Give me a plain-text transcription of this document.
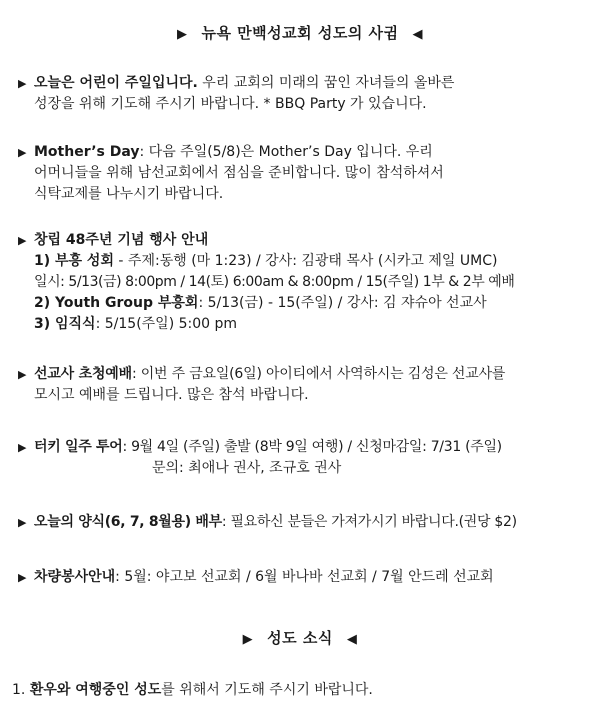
▶ 뉴욕 만백성교회 성도의 사귐 ◀
▶ 오늘은 어린이 주일입니다. 우리 교회의 미래의 꿈인 자녀들의 올바른
성장을 위해 기도해 주시기 바랍니다. * BBQ Party 가 있습니다.
▶ Mother’s Day: 다음 주일(5/8)은 Mother’s Day 입니다. 우리
어머니들을 위해 남선교회에서 점심을 준비합니다. 많이 참석하셔서
식탁교제를 나누시기 바랍니다.
▶ 창립 48주년 기념 행사 안내
1) 부흥 성회 - 주제:동행 (마 1:23) / 강사: 김광태 목사 (시카고 제일 UMC)
일시: 5/13(금) 8:00pm / 14(토) 6:00am & 8:00pm / 15(주일) 1부 & 2부 예배
2) Youth Group 부흥회: 5/13(금) - 15(주일) / 강사: 김 쟈슈아 선교사
3) 임직식: 5/15(주일) 5:00 pm
▶ 선교사 초청예배: 이번 주 금요일(6일) 아이티에서 사역하시는 김성은 선교사를
모시고 예배를 드립니다. 많은 참석 바랍니다.
▶ 터키 일주 투어: 9월 4일 (주일) 출발 (8박 9일 여행) / 신청마감일: 7/31 (주일)
문의: 최애나 권사, 조규호 권사
▶ 오늘의 양식(6, 7, 8월용) 배부: 필요하신 분들은 가져가시기 바랍니다.(권당 $2)
▶ 차량봉사안내: 5월: 야고보 선교회 / 6월 바나바 선교회 / 7월 안드레 선교회
▶ 성도 소식 ◀
1. 환우와 여행중인 성도를 위해서 기도해 주시기 바랍니다.
